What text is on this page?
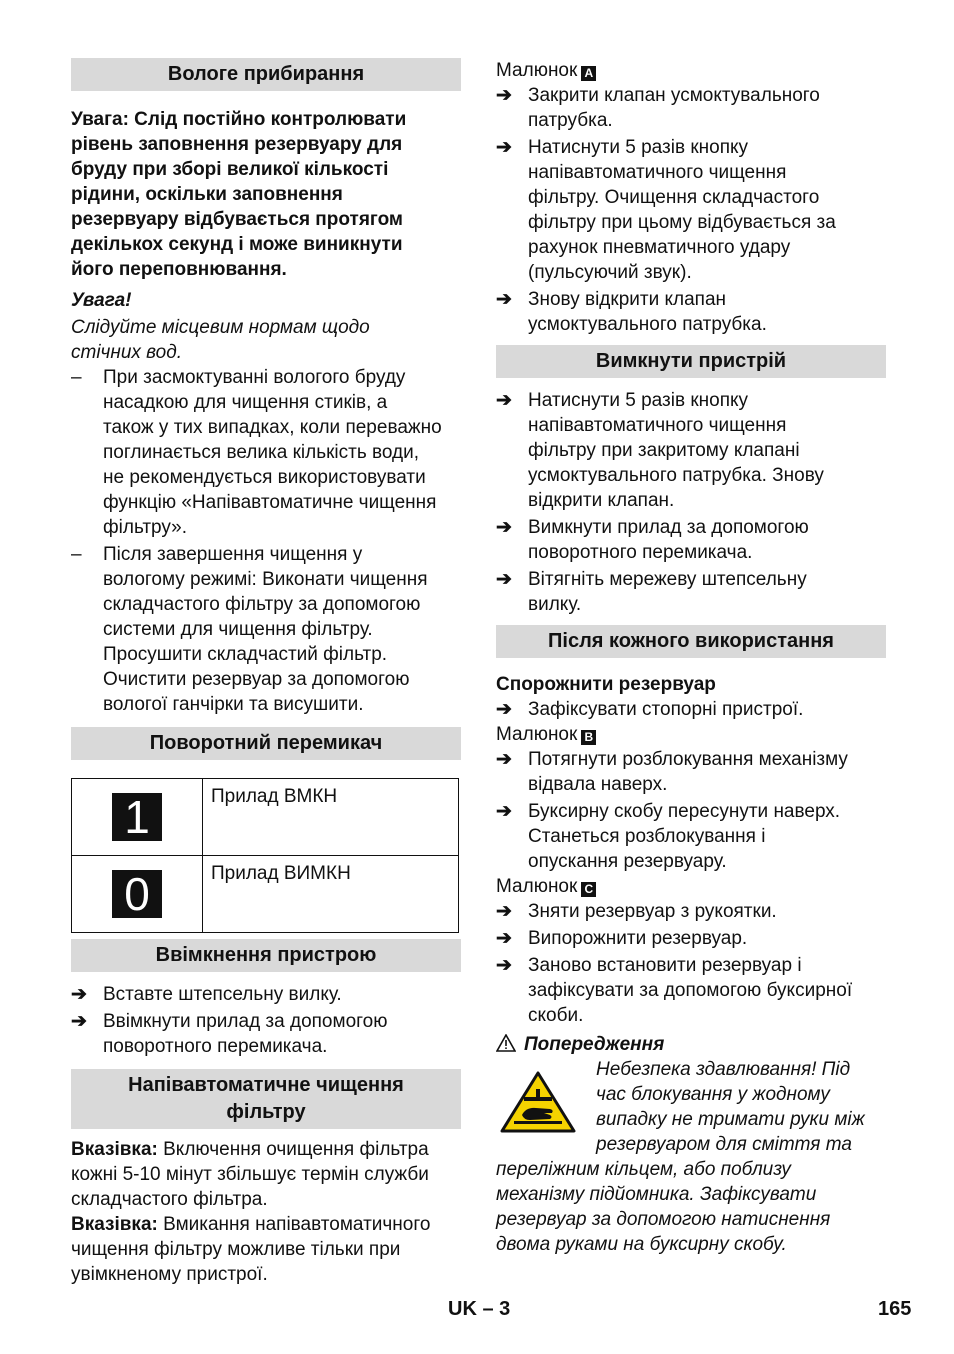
Вологе прибирання
Увага: Слід постійно контролювати
рівень заповнення резервуару для
бруду при зборі великої кількості
рідини, оскільки заповнення
резервуару відбувається протягом
декількох секунд і може виникнути
його переповнювання.
Увага!
Слідуйте місцевим нормам щодо
стічних вод.
– При засмоктуванні вологого бруду
насадкою для чищення стиків, а
також у тих випадках, коли переважно
поглинається велика кількість води,
не рекомендується використовувати
функцію «Напівавтоматичне чищення
фільтру».
– Після завершення чищення у
вологому режимі: Виконати чищення
складчастого фільтру за допомогою
системи для чищення фільтру.
Просушити складчастий фільтр.
Очистити резервуар за допомогою
вологої ганчірки та висушити.
Поворотний перемикач
1	Прилад ВМКН
0	Прилад ВИМКН
Ввімкнення пристрою
➔ Вставте штепсельну вилку.
➔ Ввімкнути прилад за допомогою
поворотного перемикача.
Напівавтоматичне чищення
фільтру
Вказівка: Включення очищення фільтра
кожні 5-10 мінут збільшує термін служби
складчастого фільтра.
Вказівка: Вмикання напівавтоматичного
чищення фільтру можливе тільки при
увімкненому пристрої.
Малюнок A
➔ Закрити клапан усмоктувального
патрубка.
➔ Натиснути 5 разів кнопку
напівавтоматичного чищення
фільтру. Очищення складчастого
фільтру при цьому відбувається за
рахунок пневматичного удару
(пульсуючий звук).
➔ Знову відкрити клапан
усмоктувального патрубка.
Вимкнути пристрій
➔ Натиснути 5 разів кнопку
напівавтоматичного чищення
фільтру при закритому клапані
усмоктувального патрубка. Знову
відкрити клапан.
➔ Вимкнути прилад за допомогою
поворотного перемикача.
➔ Вітягніть мережеву штепсельну
вилку.
Після кожного використання
Спорожнити резервуар
➔ Зафіксувати стопорні пристрої.
Малюнок B
➔ Потягнути розблокування механізму
відвала наверх.
➔ Буксирну скобу пересунути наверх.
Станеться розблокування і
опускання резервуару.
Малюнок C
➔ Зняти резервуар з рукоятки.
➔ Випорожнити резервуар.
➔ Заново встановити резервуар і
зафіксувати за допомогою буксирної
скоби.
Попередження
Небезпека здавлювання! Під
час блокування у жодному
випадку не тримати руки між
резервуаром для сміття та
переліжним кільцем, або поблизу
механізму підйомника. Зафіксувати
резервуар за допомогою натиснення
двома руками на буксирну скобу.
UK – 3	165
